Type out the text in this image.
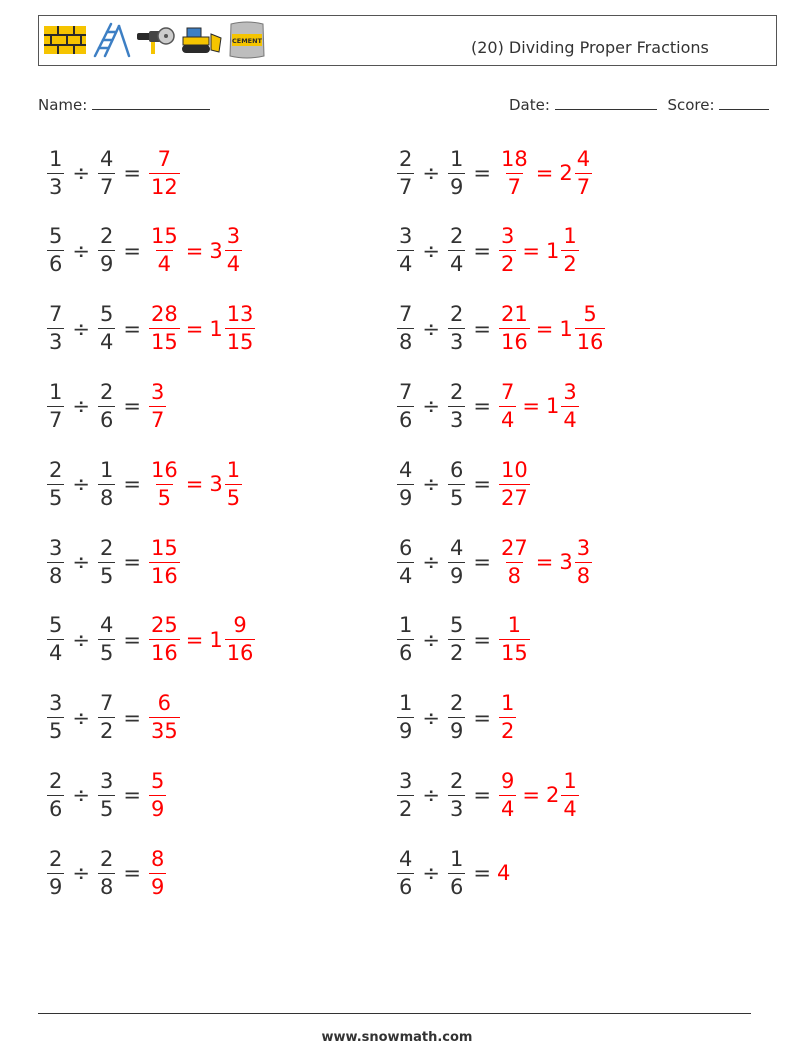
CEMENT	(20) Dividing Proper Fractions
Name:	Date:	Score:
$\frac{1}{3} \div \frac{4}{7} = \frac{7}{12}$	$\frac{2}{7} \div \frac{1}{9} = \frac{18}{7} = 2 \frac{4}{7}$
$\frac{5}{6} \div \frac{2}{9} = \frac{15}{4} = 3 \frac{3}{4}$	$\frac{3}{4} \div \frac{2}{4} = \frac{3}{2} = 1 \frac{1}{2}$
$\frac{7}{3} \div \frac{5}{4} = \frac{28}{15} = 1 \frac{13}{15}$	$\frac{7}{8} \div \frac{2}{3} = \frac{21}{16} = 1 \frac{5}{16}$
$\frac{1}{7} \div \frac{2}{6} = \frac{3}{7}$	$\frac{7}{6} \div \frac{2}{3} = \frac{7}{4} = 1 \frac{3}{4}$
$\frac{2}{5} \div \frac{1}{8} = \frac{16}{5} = 3 \frac{1}{5}$	$\frac{4}{9} \div \frac{6}{5} = \frac{10}{27}$
$\frac{3}{8} \div \frac{2}{5} = \frac{15}{16}$	$\frac{6}{4} \div \frac{4}{9} = \frac{27}{8} = 3 \frac{3}{8}$
$\frac{5}{4} \div \frac{4}{5} = \frac{25}{16} = 1 \frac{9}{16}$	$\frac{1}{6} \div \frac{5}{2} = \frac{1}{15}$
$\frac{3}{5} \div \frac{7}{2} = \frac{6}{35}$	$\frac{1}{9} \div \frac{2}{9} = \frac{1}{2}$
$\frac{2}{6} \div \frac{3}{5} = \frac{5}{9}$	$\frac{3}{2} \div \frac{2}{3} = \frac{9}{4} = 2 \frac{1}{4}$
$\frac{2}{9} \div \frac{2}{8} = \frac{8}{9}$	$\frac{4}{6} \div \frac{1}{6} = 4$
www.snowmath.com
